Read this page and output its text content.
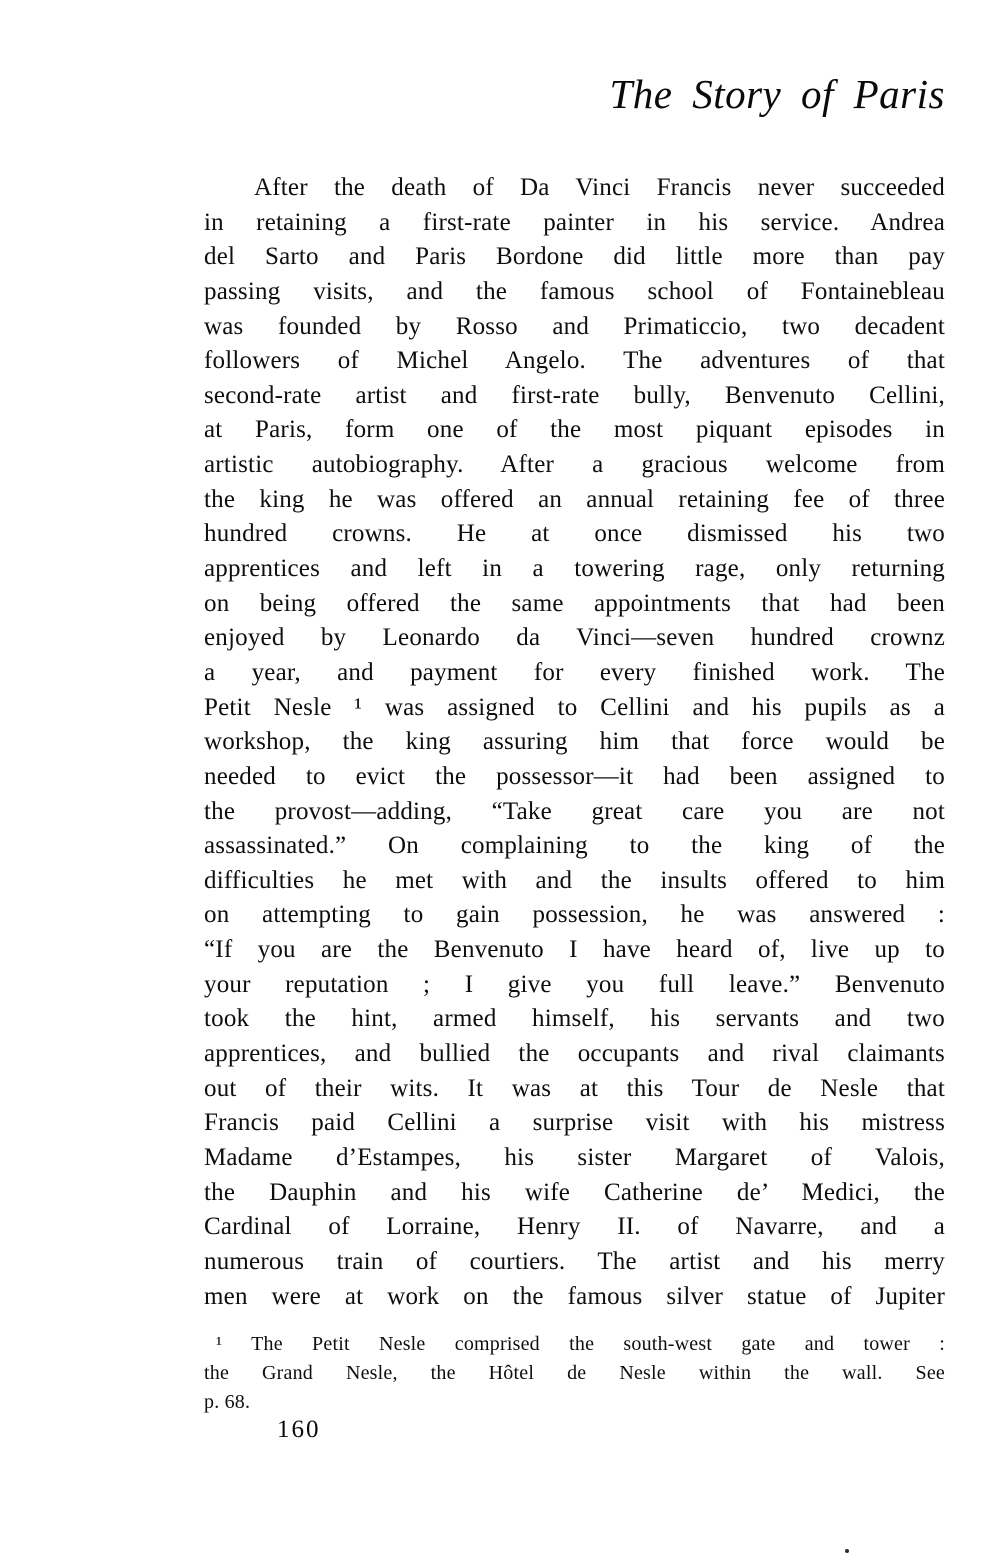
The Story of Paris
After the death of Da Vinci Francis never succeeded
in retaining a first-rate painter in his service. Andrea
del Sarto and Paris Bordone did little more than pay
passing visits, and the famous school of Fontainebleau
was founded by Rosso and Primaticcio, two decadent
followers of Michel Angelo. The adventures of that
second-rate artist and first-rate bully, Benvenuto Cellini,
at Paris, form one of the most piquant episodes in
artistic autobiography. After a gracious welcome from
the king he was offered an annual retaining fee of three
hundred crowns. He at once dismissed his two
apprentices and left in a towering rage, only returning
on being offered the same appointments that had been
enjoyed by Leonardo da Vinci—seven hundred crownz
a year, and payment for every finished work. The
Petit Nesle ¹ was assigned to Cellini and his pupils as a
workshop, the king assuring him that force would be
needed to evict the possessor—it had been assigned to
the provost—adding, “Take great care you are not
assassinated.” On complaining to the king of the
difficulties he met with and the insults offered to him
on attempting to gain possession, he was answered :
“If you are the Benvenuto I have heard of, live up to
your reputation ; I give you full leave.” Benvenuto
took the hint, armed himself, his servants and two
apprentices, and bullied the occupants and rival claimants
out of their wits. It was at this Tour de Nesle that
Francis paid Cellini a surprise visit with his mistress
Madame d’Estampes, his sister Margaret of Valois,
the Dauphin and his wife Catherine de’ Medici, the
Cardinal of Lorraine, Henry II. of Navarre, and a
numerous train of courtiers. The artist and his merry
men were at work on the famous silver statue of Jupiter
¹ The Petit Nesle comprised the south-west gate and tower :
the Grand Nesle, the Hôtel de Nesle within the wall. See
p. 68.
160
